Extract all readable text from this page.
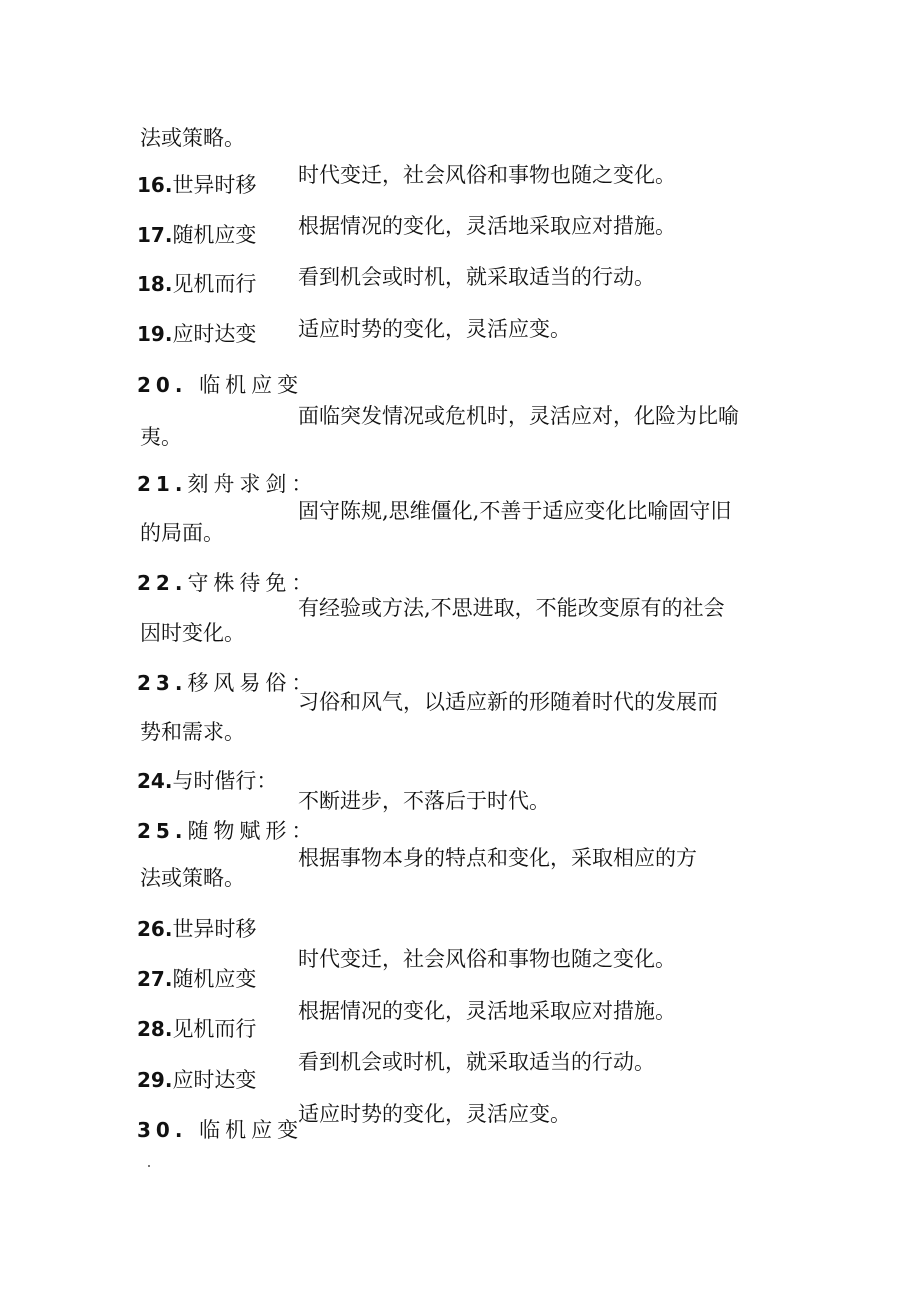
法或策略。
16.世异时移 时代变迁，社会风俗和事物也随之变化。
17.随机应变 根据情况的变化，灵活地采取应对措施。
18.见机而行 看到机会或时机，就采取适当的行动。
19.应时达变 适应时势的变化，灵活应变。
20. 临机应变
面临突发情况或危机时，灵活应对，化险为比喻
夷。
21.刻舟求剑：
固守陈规,思维僵化,不善于适应变化比喻固守旧
的局面。
22.守株待免：
有经验或方法,不思进取，不能改变原有的社会
因时变化。
23.移风易俗：
习俗和风气，以适应新的形随着时代的发展而
势和需求。
24.与时偕行：
不断进步，不落后于时代。
25.随物赋形：
根据事物本身的特点和变化，采取相应的方
法或策略。
26.世异时移
时代变迁，社会风俗和事物也随之变化。
27.随机应变
根据情况的变化，灵活地采取应对措施。
28.见机而行
看到机会或时机，就采取适当的行动。
29.应时达变
适应时势的变化，灵活应变。
30. 临机应变
